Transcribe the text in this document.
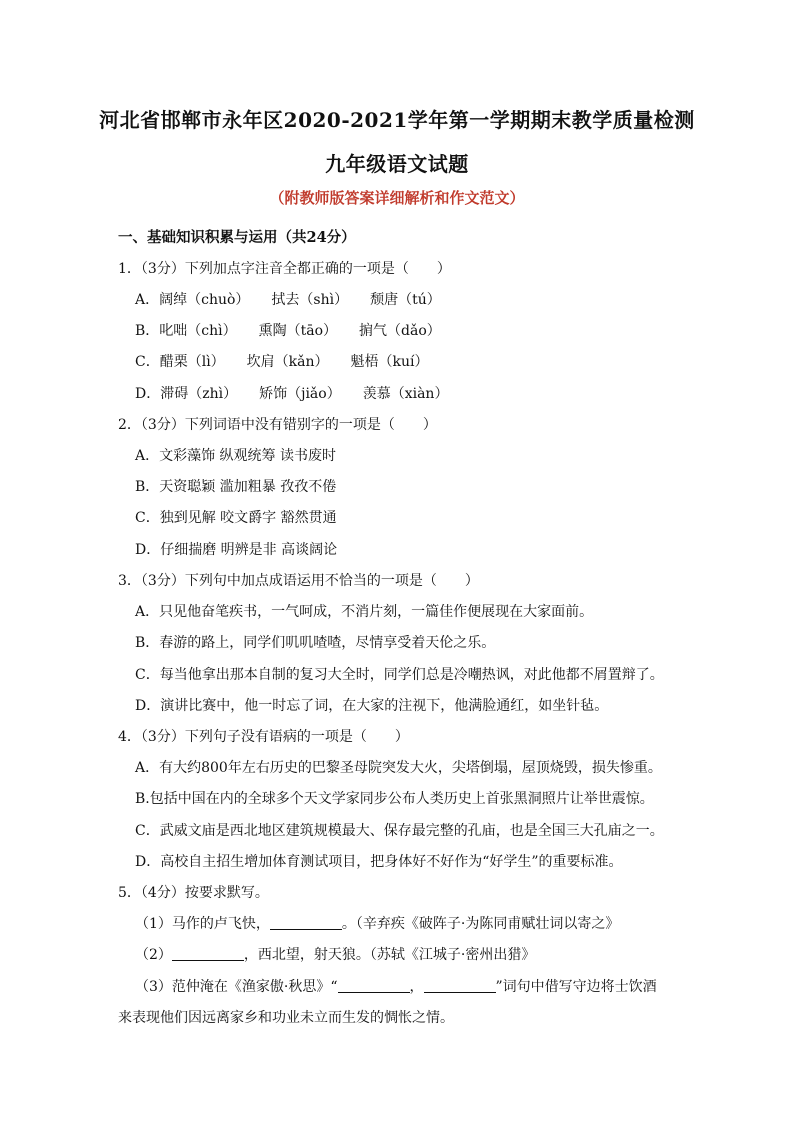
河北省邯郸市永年区2020-2021学年第一学期期末教学质量检测
九年级语文试题
（附教师版答案详细解析和作文范文）
一、基础知识积累与运用（共24分）
1．（3分）下列加点字注音全都正确的一项是（　　）
A．阔绰（chuò） 拭去（shì） 颓唐（tú）
B．叱咄（chì） 熏陶（tāo） 掮气（dǎo）
C．醋栗（lì） 坎肩（kǎn） 魁梧（kuí）
D．滞碍（zhì） 矫饰（jiǎo） 羡慕（xiàn）
2．（3分）下列词语中没有错别字的一项是（　　）
A．文彩藻饰 纵观统筹 读书废时
B．天资聪颖 滥加粗暴 孜孜不倦
C．独到见解 咬文爵字 豁然贯通
D．仔细揣磨 明辨是非 高谈阔论
3．（3分）下列句中加点成语运用不恰当的一项是（　　）
A．只见他奋笔疾书，一气呵成，不消片刻，一篇佳作便展现在大家面前。
B．春游的路上，同学们叽叽喳喳，尽情享受着天伦之乐。
C．每当他拿出那本自制的复习大全时，同学们总是冷嘲热讽，对此他都不屑置辩了。
D．演讲比赛中，他一时忘了词，在大家的注视下，他满脸通红，如坐针毡。
4．（3分）下列句子没有语病的一项是（　　）
A．有大约800年左右历史的巴黎圣母院突发大火，尖塔倒塌，屋顶烧毁，损失惨重。
B.包括中国在内的全球多个天文学家同步公布人类历史上首张黑洞照片让举世震惊。
C．武威文庙是西北地区建筑规模最大、保存最完整的孔庙，也是全国三大孔庙之一。
D．高校自主招生增加体育测试项目，把身体好不好作为“好学生”的重要标准。
5．（4分）按要求默写。
（1）马作的卢飞快，	。（辛弃疾《破阵子·为陈同甫赋壮词以寄之》
（2）	，西北望，射天狼。（苏轼《江城子·密州出猎》
（3）范仲淹在《渔家傲·秋思》“	，	”词句中借写守边将士饮酒
来表现他们因远离家乡和功业未立而生发的惆怅之情。
